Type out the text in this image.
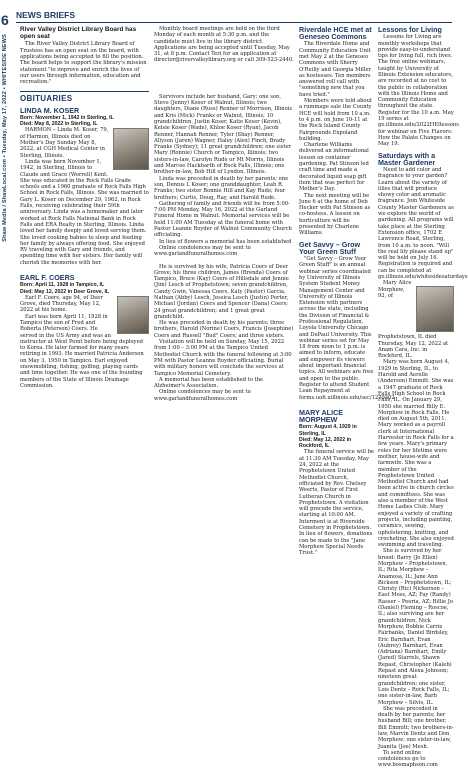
6
Shaw Media / ShawLocal.com • Tuesday, May 17, 2022 • WHITESIDE NEWS
NEWS BRIEFS
River Valley District Library Board has open seat

The River Valley District Library Board of Trustees has an open seat on the board, with applications being accepted to fill the position. The board helps to support the library's mission statement "to improve and enrich the lives of our users through information, education and recreation."

OBITUARIES
LINDA M. KOSER
Born: November 1, 1942 in Sterling, IL
Died: May 8, 2022 in Sterling, IL

HARMON – Linda M. Koser, 79, of Harmon, Illinois died on Mother's Day Sunday May 8, 2022, at CGH Medical Center in Sterling, Illinois.

Linda was born November 1, 1942, in Sterling, Illinois to Claude and Grace (Worrell) Kent. She was educated in the Rock Falls Grade schools and a 1960 graduate of Rock Falls High School in Rock Falls, Illinois. She was married to Gary L. Koser on December 29, 1962, in Rock Falls, receiving celebrating their 59th anniversary. Linda was a homemaker and later worked at Rock Falls National Bank in Rock Falls and ERA Realty in Sterling, Illinois. Linda loved her family deeply and loved serving them. She loved cooking babies to sleep and feeding her family by always offering food. She enjoyed RV traveling with Gary and friends, and spending time with her sisters. Her family will cherish the memories with her.

EARL F. COERS
Born: April 11, 1928 in Tampico, IL
Died: May 12, 2022 in Deer Grove, IL

Earl F. Coers, age 94, of Deer Grove, died Thursday, May 12, 2022 at his home.

Earl was born April 11, 1928 in Tampico the son of Fred and Roberta (Peterson) Coers. He served in the US Army and was an instructor at West Point before being deployed to Korea. He later farmed for many years retiring in 1993. He married Patricia Anderson on May 3, 1950 in Tampico. Earl enjoyed snowmobiling, fishing, golfing, playing cards and time together. He was one of the founding members of the State of Illinois Drainage Commission.

Monthly board meetings are held on the third Monday of each month at 5:30 p.m. and the candidate must live in the library district. Applications are being accepted until Tuesday, May 31, at 8 p.m. Contact Teri for an application at director@rivervalleylibrary.org or call 309-523-2440.

Survivors include her husband, Gary; one son, Steve (Jenny) Koser of Walnut, Illinois; two daughters, Diane (Russ) Renner of Morrison, Illinois and Kris (Mick) Franks or Walnut, Illinois; 10 grandchildren, Justin Koser, Katie Koser (Kevin), Kelsie Koser (Wade), Khloe Koser (Ryan), Jacob Renner, Hannah Renner, Tyler (Shay) Renner, Allyson (Jaren) Wagner, Haley (Alex) Finch, Brady Franks (Sydney); 11 great grandchildren; one sister Mary (Ronnie) Church or Tampico, Illinois; two sisters-in-law, Carolyn Rude or Mt Morris, Illinois and Marcee Hackbarth of Rock Falls, Illinois; one brother-in-law, Bob Hill of Lyndon, Illinois.

Linda was preceded in death by her parents; one son, Dennis L Koser; one granddaughter, Leah R. Franks; two sister Bonnie Hill and Kay Rude; four brothers; Curtis, Doug, Ray, and Harold Rude.

Gathering of family and friends will be from 5:00-7:00 PM Monday, May 16, 2022 at the Garland Funeral Home in Walnut. Memorial services will be held 11:00 AM Tuesday at the funeral home with Pastor Leanne Royder of Walnut Community Church officiating.

In lieu of flowers a memorial has been established

Online condolences may be sent to www.garlandfuneralhomes.com

He is survived by his wife, Patricia Coers of Deer Grove; his three children, James (Brenda) Coers of Tampico, Bruce (Kay) Coers of Hillsdale and Jennie (Jim) Lesch of Prophetstown; seven grandchildren, Candy Gwin, Vanessa Coers, Katy (Pastor) Garcia, Nathan (Abby) Lesch, Jessica Lesch (Justin) Porter, Michael (Jordan) Coers and Spencer (Dana) Coers; 24 great grandchildren; and 1 great great grandchild.

He was preceded in death by his parents; three brothers, Harold (Norine) Coers, Francis (Josephine) Coers and Russell "Bud" Coers; and three sisters.

Visitation will be held on Sunday, May 15, 2022 from 1:00 – 3:00 PM at the Tampico United Methodist Church with the funeral following at 3:00 PM with Pastor Leanne Royder officiating. Burial with military honors will conclude the services at Tampico Memorial Cemetery.

A memorial has been established to the Alzheimer's Association.

Online condolences may be sent to www.garlandfuneralhomes.com

Riverdale HCE met at Geneseo Commons

The Riverdale Home and Community Education Unit met May 2 at the Geneseo Commons with Sherry O'Reilly and Georgia Miller as hostesses. Ten members answered roll call with "something new that you have tried."

Members were told about a rummage sale the County HCE will hold from 10 a.m. to 4 p.m. on June 10-11 at the Rock Island County Fairgrounds Expoland building.

Charlene Williams delivered an informational lesson on container gardening. Pat Stinson led craft time and made a decorated liquid soap gift item that was perfect for Mother's Day.

The next meeting will be June 6 at the home of Deb Hecker with Pat Stinson as co-hostess. A lesson on horticulture will be presented by Charlene Williams.

Get Savvy – Grow Your Green Stuff

"Get Savvy – Grow Your Green Stuff" is an annual webinar series coordinated by University of Illinois System Student Money Management Center and University of Illinois Extension with partners across the state, including the Division of Financial & Professional Regulation, Loyola University Chicago and DePaul University. This webinar series set for May 18 from noon to 1 p.m. is aimed to inform, educate and empower its viewers about important financial topics. All webinars are free and open to the public. Register to attend Student Loan Repayment at forms.uofi.uillinois.edu/sec/1279302

MARY ALICE MORPHEW
Born: August 4, 1929 in Sterling, IL
Died: May 12, 2022 in Rockford, IL

The funeral service will be at 11:30 AM Tuesday, May 24, 2022 at the Prophetstown United Methodist Church, officiated by Rev. Chelsey Weerts, Pastor of First Lutheran Church in Prophetstown. A visitation will precede the service, starting at 10:00 AM. Interment is at Riverside Cemetery in Prophetstown. In lieu of flowers, donations can be made to the "Jane Morphew Special Needs Trust."

Lessons for Living

Lessons for Living are monthly workshops that provide easy-to-understand tips for living full, rich lives. The free online webinars, taught by University of Illinois Extension educators, are recorded at no cost to the public in collaboration with the Illinois Home and Community Education throughout the state. Register for the 10 a.m. May 19 series at go.illinois.edu/2022HEllessons for webinar on Five Flavors: How the Palate Changes on May 19.

Saturdays with a Master Gardener

Need to add color and fragrance to your garden? Learn about the variety of lilies that will produce showy color and aromatic fragrance. Join Whiteside County Master Gardeners as we explore the world of gardening. All programs will take place at the Sterling Extension office, 1702 E Lawrence Road, Sterling, from 10 a.m. to noon. "Will the real lily please stand up" will be held on July 16. Registration is required and can be completed at go.illinois.edu/whitesidesaturdays

Mary Alice Morphew, 92, of Prophetstown, IL died Thursday, May 12, 2022 at Anam Cara, Inc. in Rockford, IL.

Mary was born August 4, 1929 in Sterling, IL, to Harold and Aerelle (Anderson) Emmitt. She was a 1947 graduate of Rock Falls High School in Rock Falls, IL. On January 29, 1950 she married Billy E. Morphew in Rock Falls. He died on August 5th, 2011. Mary worked as a payroll clerk at International Harvester in Rock Falls for a few years. Mary's primary roles for her lifetime were mother, house-wife and farmwife. She was a member of the Prophetstown United Methodist Church and had been active in church circles and committees. She was also a member of the West Home Ladies Club. Mary enjoyed a variety of crafting projects, including painting, ceramics, sewing, upholstering, knitting, and crocheting. She also enjoyed swimming and traveling.

She is survived by her brood: Barry (Jo Ellen) Morphew – Prophetstown, IL; Rita Morphew – Anamosa, IL; Jane Ann Bickson – Prophetstown, IL; Christy (Ric) Nickerson – East Moss, AZ; Fay (Randy) Rasser – Peoria, AZ; Billie Jo (Daniel) Fleming – Roscoe, IL; also surviving are her grandchildren, Nick Morphew, Bobbie Carrie Fairbanks, Daniel Birdsley, Eric Barnhart, Evan (Aubrey) Barnhart, Evan (Adriana) Barnhart, Emily (Jared) Starrels, Shawn Repast, Christopher (Kaleb) Repast and Alexa Johnson; nineteen great grandchildren; one sister, Lois Dentz – Rock Falls, IL; one sister-in-law, Barb Morphew – Silvis, IL.

She was preceded in death by her parents; her husband Bill; one brother, Bill Emmitt; two brothers-in-law, Marvin Dentz and Don Morphew; one sister-in-law, Juanita (Joe) Mesh.

To send online condolences go to www.bosmaphson.com
